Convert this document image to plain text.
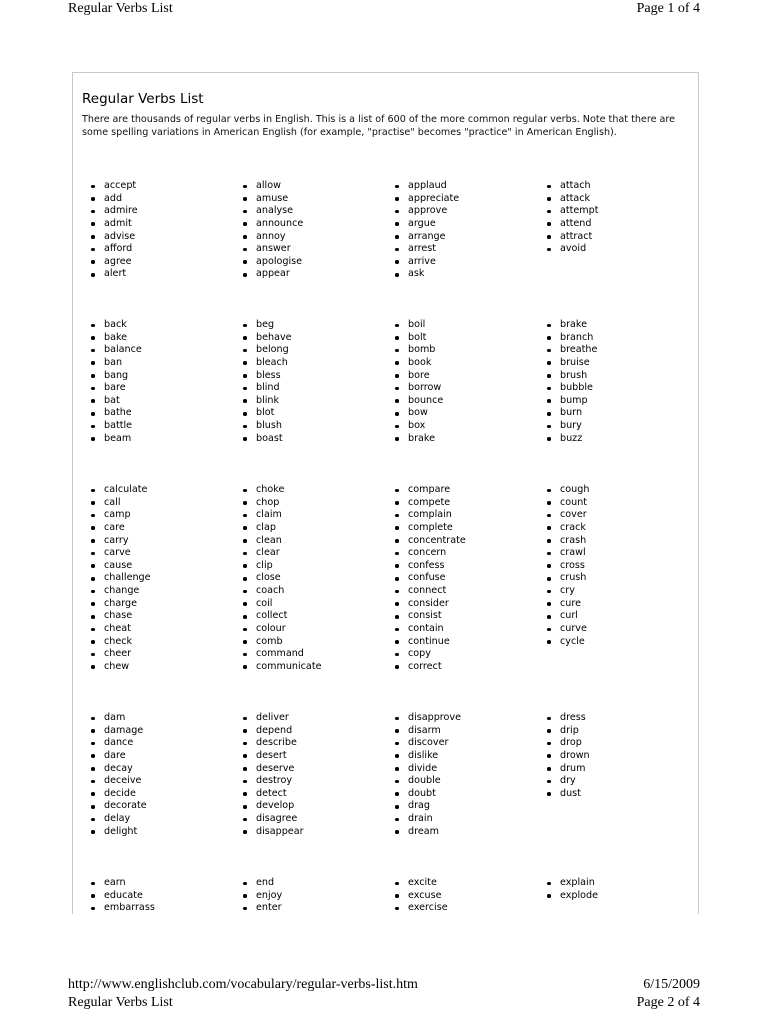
Regular Verbs List	Page 1 of 4
Regular Verbs List

There are thousands of regular verbs in English. This is a list of 600 of the more common regular verbs. Note that there are some spelling variations in American English (for example, "practise" becomes "practice" in American English).

accept
add
admire
admit
advise
afford
agree
alert
allow
amuse
analyse
announce
annoy
answer
apologise
appear
applaud
appreciate
approve
argue
arrange
arrest
arrive
ask
attach
attack
attempt
attend
attract
avoid
back
bake
balance
ban
bang
bare
bat
bathe
battle
beam
beg
behave
belong
bleach
bless
blind
blink
blot
blush
boast
boil
bolt
bomb
book
bore
borrow
bounce
bow
box
brake
brake
branch
breathe
bruise
brush
bubble
bump
burn
bury
buzz
calculate
call
camp
care
carry
carve
cause
challenge
change
charge
chase
cheat
check
cheer
chew
choke
chop
claim
clap
clean
clear
clip
close
coach
coil
collect
colour
comb
command
communicate
compare
compete
complain
complete
concentrate
concern
confess
confuse
connect
consider
consist
contain
continue
copy
correct
cough
count
cover
crack
crash
crawl
cross
crush
cry
cure
curl
curve
cycle
dam
damage
dance
dare
decay
deceive
decide
decorate
delay
delight
deliver
depend
describe
desert
deserve
destroy
detect
develop
disagree
disappear
disapprove
disarm
discover
dislike
divide
double
doubt
drag
drain
dream
dress
drip
drop
drown
drum
dry
dust
earn
educate
embarrass
end
enjoy
enter
excite
excuse
exercise
explain
explode
http://www.englishclub.com/vocabulary/regular-verbs-list.htm	6/15/2009
Regular Verbs List	Page 2 of 4
